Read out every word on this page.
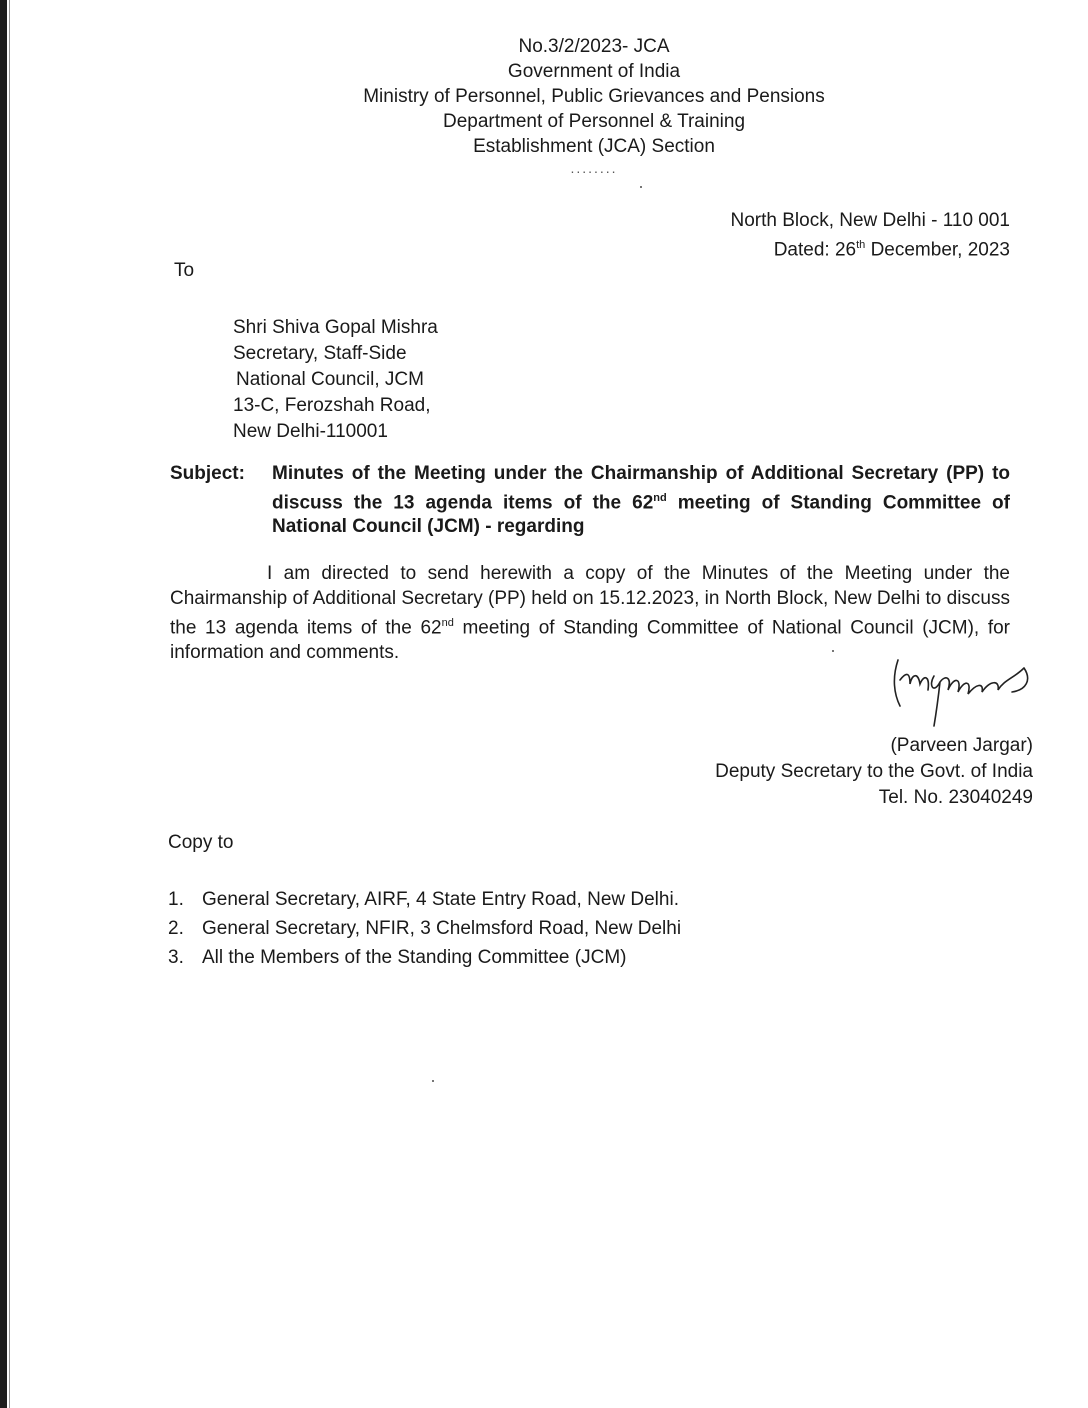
No.3/2/2023- JCA
Government of India
Ministry of Personnel, Public Grievances and Pensions
Department of Personnel & Training
Establishment (JCA) Section
........
North Block, New Delhi - 110 001
Dated: 26th December, 2023
To
Shri Shiva Gopal Mishra
Secretary, Staff-Side
National Council, JCM
13-C, Ferozshah Road,
New Delhi-110001
Subject: Minutes of the Meeting under the Chairmanship of Additional Secretary (PP) to discuss the 13 agenda items of the 62nd meeting of Standing Committee of National Council (JCM) - regarding
I am directed to send herewith a copy of the Minutes of the Meeting under the Chairmanship of Additional Secretary (PP) held on 15.12.2023, in North Block, New Delhi to discuss the 13 agenda items of the 62nd meeting of Standing Committee of National Council (JCM), for information and comments.
(Parveen Jargar)
Deputy Secretary to the Govt. of India
Tel. No. 23040249
Copy to
1. General Secretary, AIRF, 4 State Entry Road, New Delhi.
2. General Secretary, NFIR, 3 Chelmsford Road, New Delhi
3. All the Members of the Standing Committee (JCM)
